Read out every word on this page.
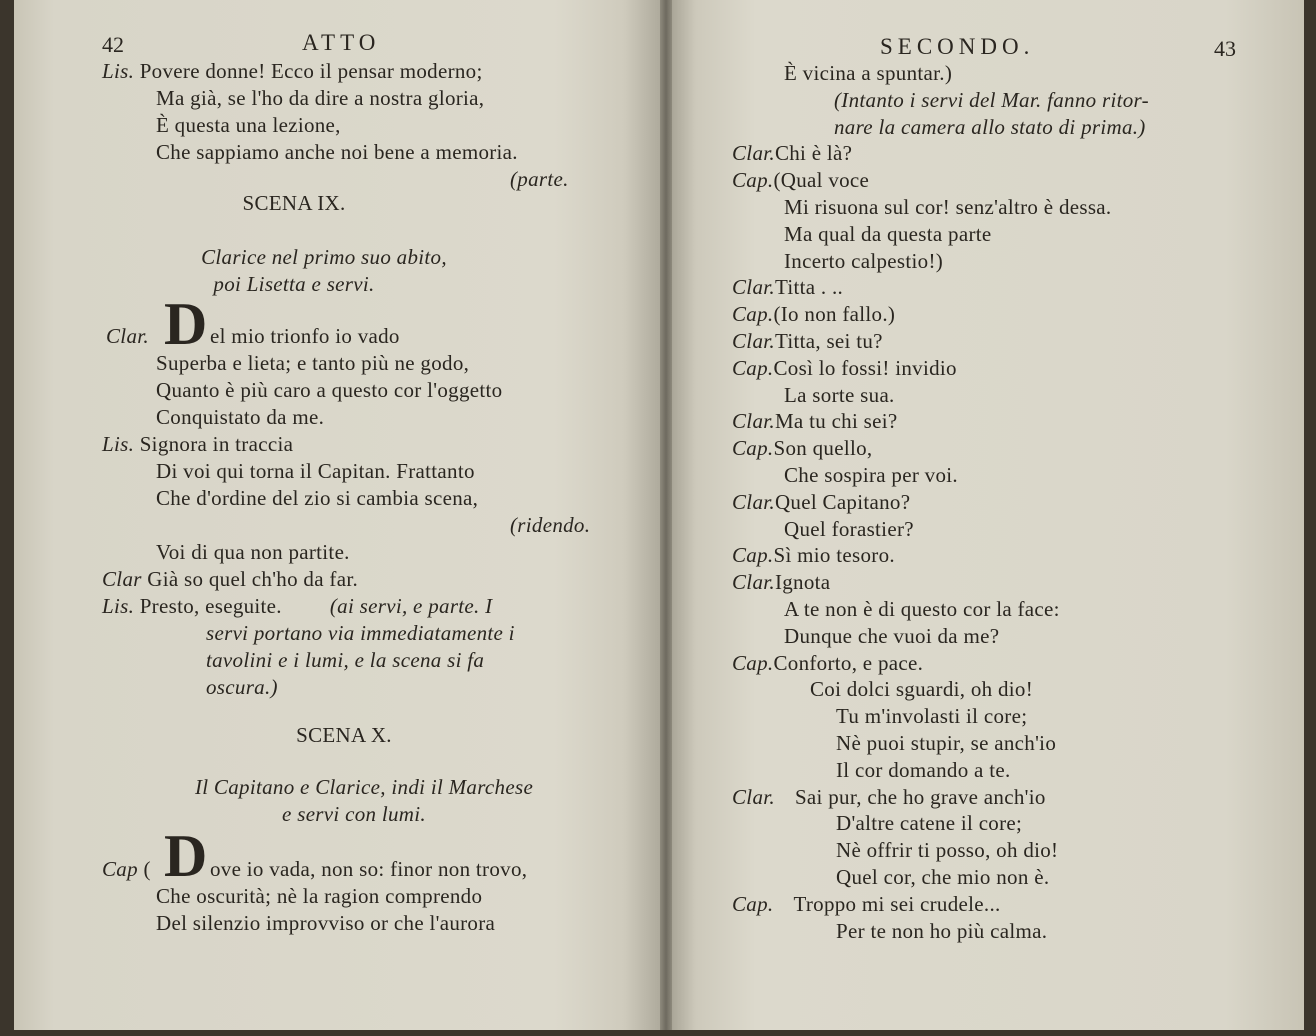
42	ATTO
Lis. Povere donne! Ecco il pensar moderno;
Ma già, se l'ho da dire a nostra gloria,
È questa una lezione,
Che sappiamo anche noi bene a memoria.
(parte.
SCENA IX.
Clarice nel primo suo abito,
poi Lisetta e servi.
Clar. D el mio trionfo io vado
Superba e lieta; e tanto più ne godo,
Quanto è più caro a questo cor l'oggetto
Conquistato da me.
Lis. Signora in traccia
Di voi qui torna il Capitan. Frattanto
Che d'ordine del zio si cambia scena,
(ridendo.
Voi di qua non partite.
Clar Già so quel ch'ho da far.
Lis. Presto, eseguite. (ai servi, e parte. I
servi portano via immediatamente i
tavolini e i lumi, e la scena si fa
oscura.)
SCENA X.
Il Capitano e Clarice, indi il Marchese
e servi con lumi.
Cap ( D ove io vada, non so: finor non trovo,
Che oscurità; nè la ragion comprendo
Del silenzio improvviso or che l'aurora
SECONDO.	43
È vicina a spuntar.)
(Intanto i servi del Mar. fanno ritor-
nare la camera allo stato di prima.)
Clar.Chi è là?
Cap.(Qual voce
Mi risuona sul cor! senz'altro è dessa.
Ma qual da questa parte
Incerto calpestio!)
Clar.Titta . ..
Cap.(Io non fallo.)
Clar.Titta, sei tu?
Cap.Così lo fossi! invidio
La sorte sua.
Clar.Ma tu chi sei?
Cap.Son quello,
Che sospira per voi.
Clar.Quel Capitano?
Quel forastier?
Cap.Sì mio tesoro.
Clar.Ignota
A te non è di questo cor la face:
Dunque che vuoi da me?
Cap.Conforto, e pace.
Coi dolci sguardi, oh dio!
Tu m'involasti il core;
Nè puoi stupir, se anch'io
Il cor domando a te.
Clar. Sai pur, che ho grave anch'io
D'altre catene il core;
Nè offrir ti posso, oh dio!
Quel cor, che mio non è.
Cap. Troppo mi sei crudele...
Per te non ho più calma.
